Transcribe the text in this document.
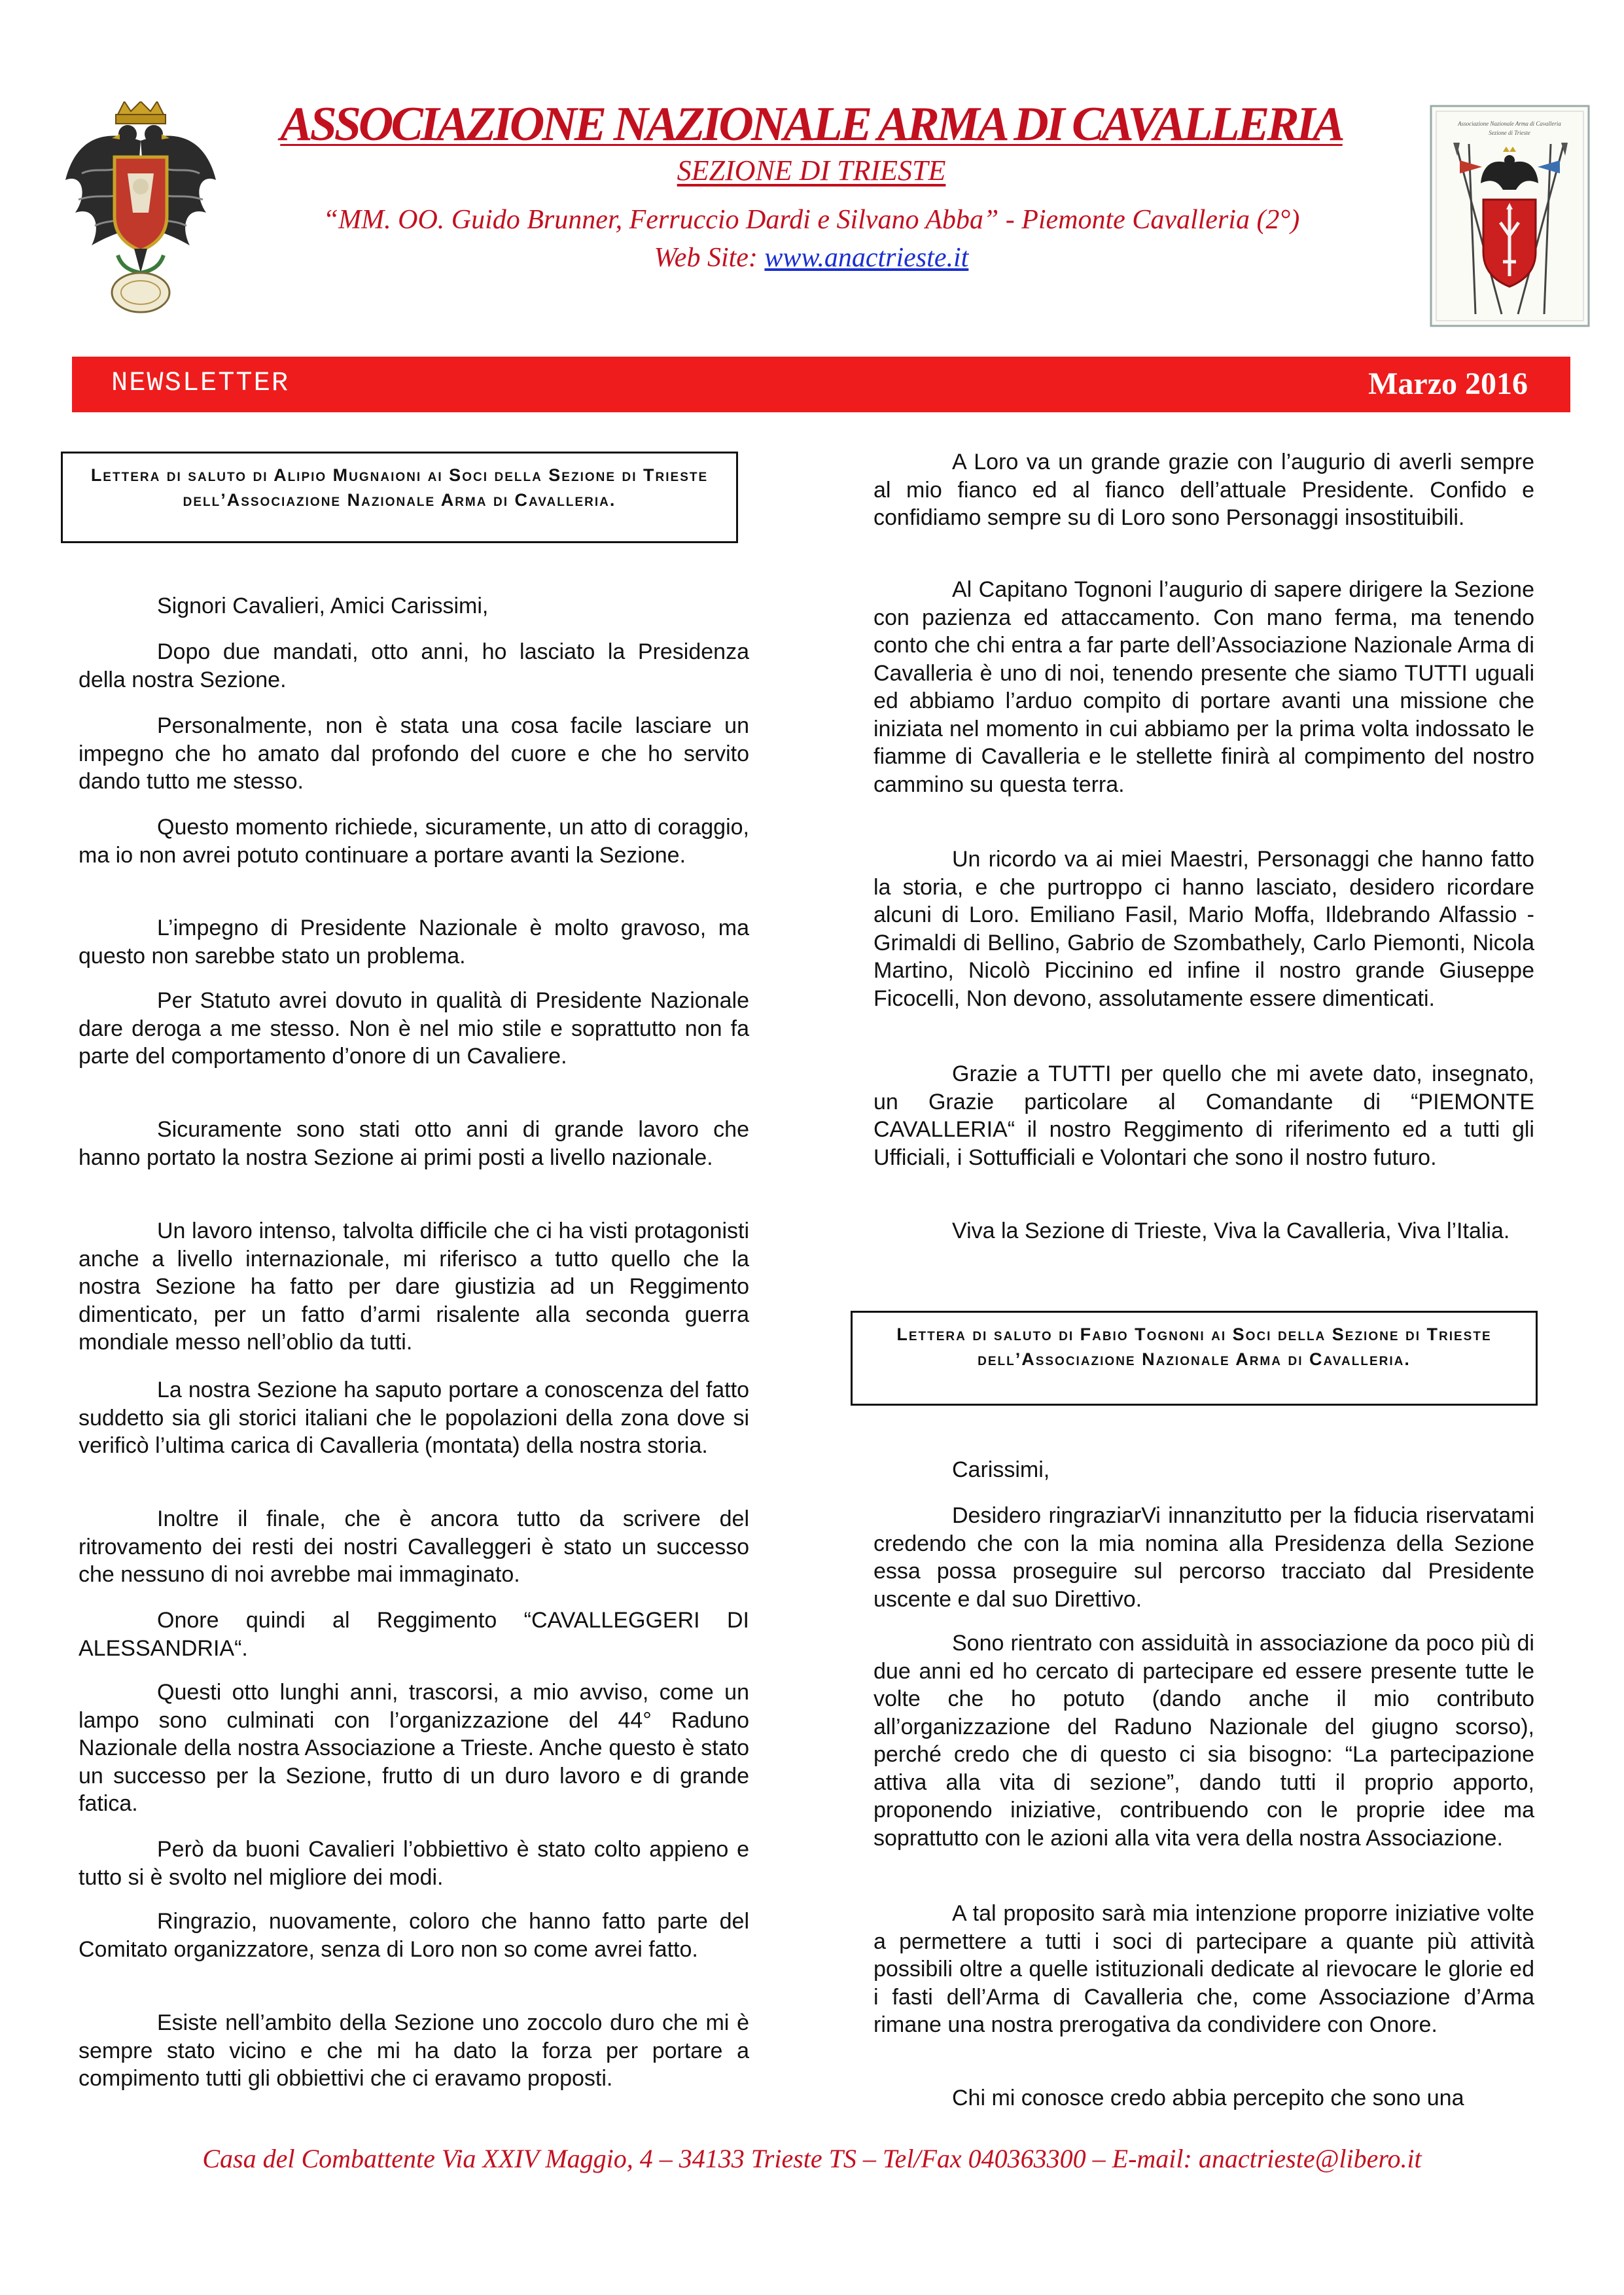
ASSOCIAZIONE NAZIONALE ARMA DI CAVALLERIA
SEZIONE DI TRIESTE
“MM. OO. Guido Brunner, Ferruccio Dardi e Silvano Abba” - Piemonte Cavalleria (2°)
Web Site: www.anactrieste.it
Associazione Nazionale Arma di Cavalleria
Sezione di Trieste
NEWSLETTER	Marzo 2016
Lettera di saluto di Alipio Mugnaioni ai Soci della Sezione di Trieste dell’Associazione Nazionale Arma di Cavalleria.

Signori Cavalieri, Amici Carissimi,

Dopo due mandati, otto anni, ho lasciato la Presidenza della nostra Sezione.

Personalmente, non è stata una cosa facile lasciare un impegno che ho amato dal profondo del cuore e che ho servito dando tutto me stesso.

Questo momento richiede, sicuramente, un atto di coraggio, ma io non avrei potuto continuare a portare avanti la Sezione.

L’impegno di Presidente Nazionale è molto gravoso, ma questo non sarebbe stato un problema.

Per Statuto avrei dovuto in qualità di Presidente Nazionale dare deroga a me stesso. Non è nel mio stile e soprattutto non fa parte del comportamento d’onore di un Cavaliere.

Sicuramente sono stati otto anni di grande lavoro che hanno portato la nostra Sezione ai primi posti a livello nazionale.

Un lavoro intenso, talvolta difficile che ci ha visti protagonisti anche a livello internazionale, mi riferisco a tutto quello che la nostra Sezione ha fatto per dare giustizia ad un Reggimento dimenticato, per un fatto d’armi risalente alla seconda guerra mondiale messo nell’oblio da tutti.

La nostra Sezione ha saputo portare a conoscenza del fatto suddetto sia gli storici italiani che le popolazioni della zona dove si verificò l’ultima carica di Cavalleria (montata) della nostra storia.

Inoltre il finale, che è ancora tutto da scrivere del ritrovamento dei resti dei nostri Cavalleggeri è stato un successo che nessuno di noi avrebbe mai immaginato.

Onore quindi al Reggimento “CAVALLEGGERI DI ALESSANDRIA“.

Questi otto lunghi anni, trascorsi, a mio avviso, come un lampo sono culminati con l’organizzazione del 44° Raduno Nazionale della nostra Associazione a Trieste. Anche questo è stato un successo per la Sezione, frutto di un duro lavoro e di grande fatica.

Però da buoni Cavalieri l’obbiettivo è stato colto appieno e tutto si è svolto nel migliore dei modi.

Ringrazio, nuovamente, coloro che hanno fatto parte del Comitato organizzatore, senza di Loro non so come avrei fatto.

Esiste nell’ambito della Sezione uno zoccolo duro che mi è sempre stato vicino e che mi ha dato la forza per portare a compimento tutti gli obbiettivi che ci eravamo proposti.

A Loro va un grande grazie con l’augurio di averli sempre al mio fianco ed al fianco dell’attuale Presidente. Confido e confidiamo sempre su di Loro sono Personaggi insostituibili.

Al Capitano Tognoni l’augurio di sapere dirigere la Sezione con pazienza ed attaccamento. Con mano ferma, ma tenendo conto che chi entra a far parte dell’Associazione Nazionale Arma di Cavalleria è uno di noi, tenendo presente che siamo TUTTI uguali ed abbiamo l’arduo compito di portare avanti una missione che iniziata nel momento in cui abbiamo per la prima volta indossato le fiamme di Cavalleria e le stellette finirà al compimento del nostro cammino su questa terra.

Un ricordo va ai miei Maestri, Personaggi che hanno fatto la storia, e che purtroppo ci hanno lasciato, desidero ricordare alcuni di Loro. Emiliano Fasil, Mario Moffa, Ildebrando Alfassio - Grimaldi di Bellino, Gabrio de Szombathely, Carlo Piemonti, Nicola Martino, Nicolò Piccinino ed infine il nostro grande Giuseppe Ficocelli, Non devono, assolutamente essere dimenticati.

Grazie a TUTTI per quello che mi avete dato, insegnato, un Grazie particolare al Comandante di “PIEMONTE CAVALLERIA“ il nostro Reggimento di riferimento ed a tutti gli Ufficiali, i Sottufficiali e Volontari che sono il nostro futuro.

Viva la Sezione di Trieste, Viva la Cavalleria, Viva l’Italia.

Lettera di saluto di Fabio Tognoni ai Soci della Sezione di Trieste dell’Associazione Nazionale Arma di Cavalleria.

Carissimi,

Desidero ringraziarVi innanzitutto per la fiducia riservatami credendo che con la mia nomina alla Presidenza della Sezione essa possa proseguire sul percorso tracciato dal Presidente uscente e dal suo Direttivo.

Sono rientrato con assiduità in associazione da poco più di due anni ed ho cercato di partecipare ed essere presente tutte le volte che ho potuto (dando anche il mio contributo all’organizzazione del Raduno Nazionale del giugno scorso), perché credo che di questo ci sia bisogno: “La partecipazione attiva alla vita di sezione”, dando tutti il proprio apporto, proponendo iniziative, contribuendo con le proprie idee ma soprattutto con le azioni alla vita vera della nostra Associazione.

A tal proposito sarà mia intenzione proporre iniziative volte a permettere a tutti i soci di partecipare a quante più attività possibili oltre a quelle istituzionali dedicate al rievocare le glorie ed i fasti dell’Arma di Cavalleria che, come Associazione d’Arma rimane una nostra prerogativa da condividere con Onore.

Chi mi conosce credo abbia percepito che sono una

Casa del Combattente Via XXIV Maggio, 4 – 34133 Trieste TS – Tel/Fax 040363300 – E-mail: anactrieste@libero.it
